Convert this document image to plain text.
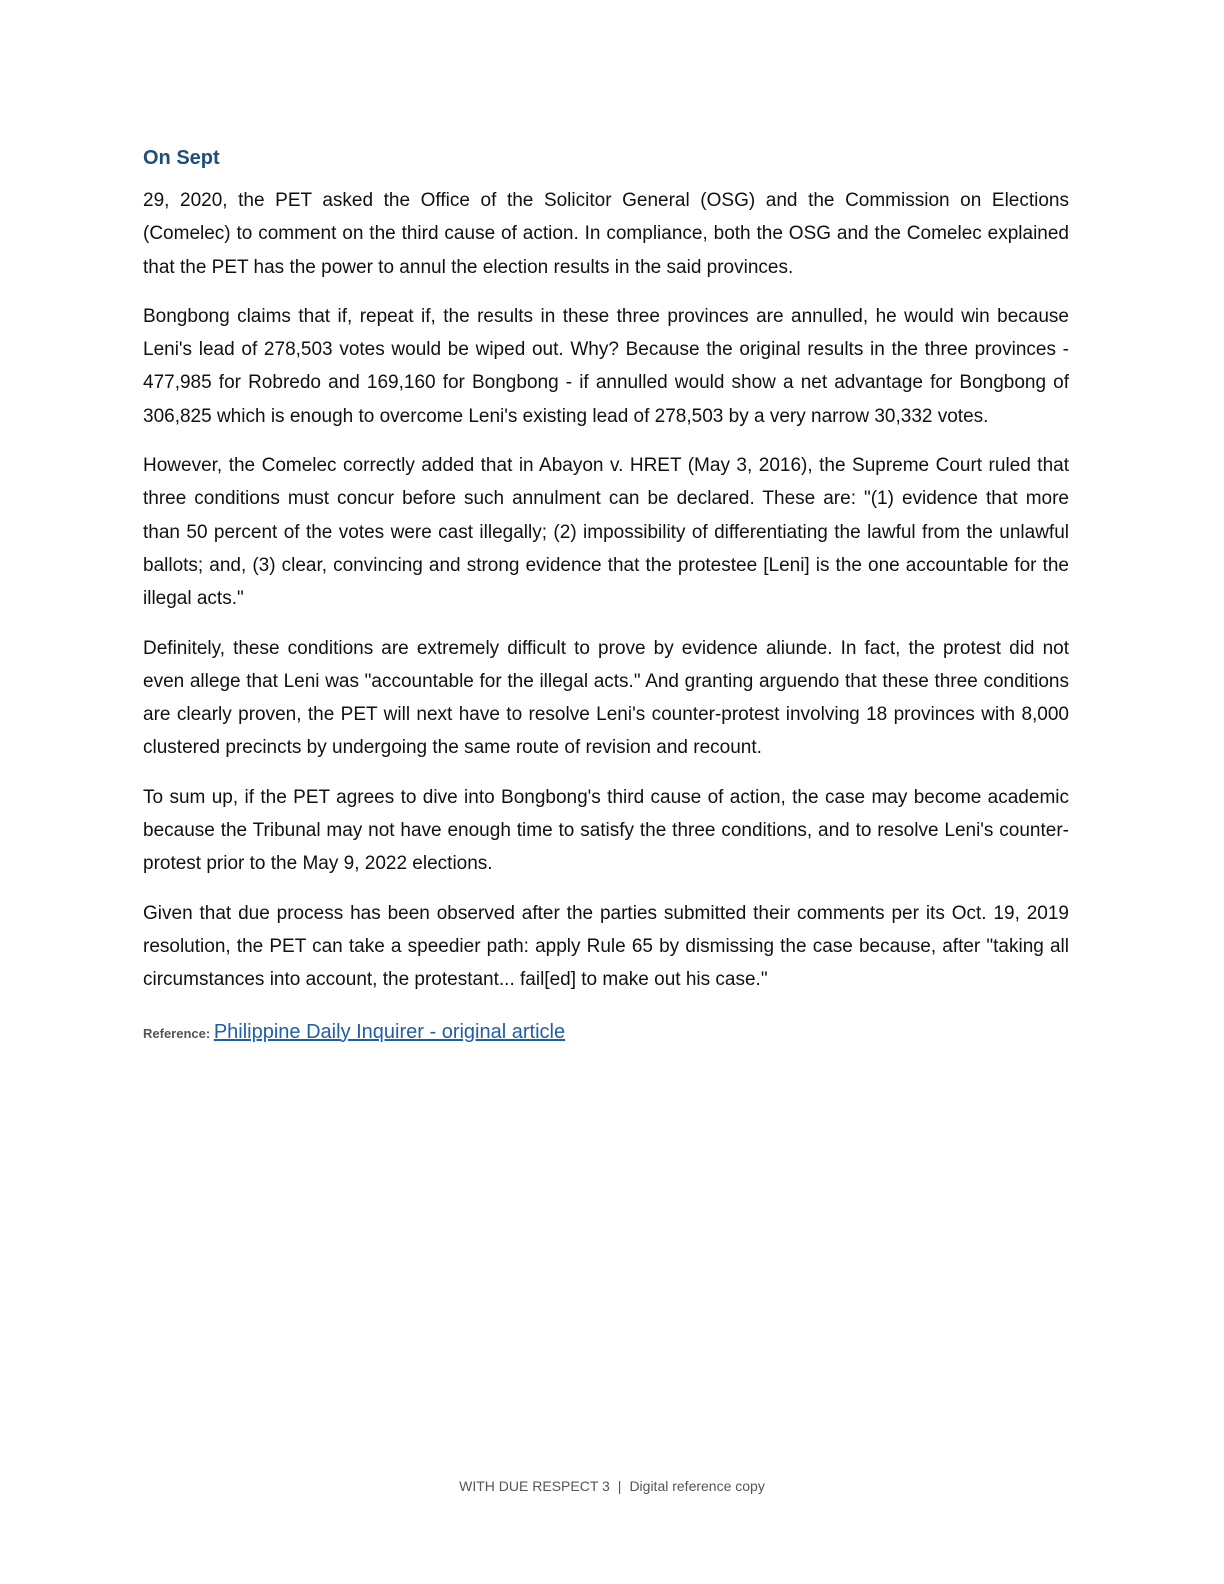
On Sept

29, 2020, the PET asked the Office of the Solicitor General (OSG) and the Commission on Elections (Comelec) to comment on the third cause of action. In compliance, both the OSG and the Comelec explained that the PET has the power to annul the election results in the said provinces.

Bongbong claims that if, repeat if, the results in these three provinces are annulled, he would win because Leni's lead of 278,503 votes would be wiped out. Why? Because the original results in the three provinces - 477,985 for Robredo and 169,160 for Bongbong - if annulled would show a net advantage for Bongbong of 306,825 which is enough to overcome Leni's existing lead of 278,503 by a very narrow 30,332 votes.

However, the Comelec correctly added that in Abayon v. HRET (May 3, 2016), the Supreme Court ruled that three conditions must concur before such annulment can be declared. These are: "(1) evidence that more than 50 percent of the votes were cast illegally; (2) impossibility of differentiating the lawful from the unlawful ballots; and, (3) clear, convincing and strong evidence that the protestee [Leni] is the one accountable for the illegal acts."

Definitely, these conditions are extremely difficult to prove by evidence aliunde. In fact, the protest did not even allege that Leni was "accountable for the illegal acts." And granting arguendo that these three conditions are clearly proven, the PET will next have to resolve Leni's counter-protest involving 18 provinces with 8,000 clustered precincts by undergoing the same route of revision and recount.

To sum up, if the PET agrees to dive into Bongbong's third cause of action, the case may become academic because the Tribunal may not have enough time to satisfy the three conditions, and to resolve Leni's counter-protest prior to the May 9, 2022 elections.

Given that due process has been observed after the parties submitted their comments per its Oct. 19, 2019 resolution, the PET can take a speedier path: apply Rule 65 by dismissing the case because, after "taking all circumstances into account, the protestant... fail[ed] to make out his case."

Reference: Philippine Daily Inquirer - original article
WITH DUE RESPECT 3 | Digital reference copy
